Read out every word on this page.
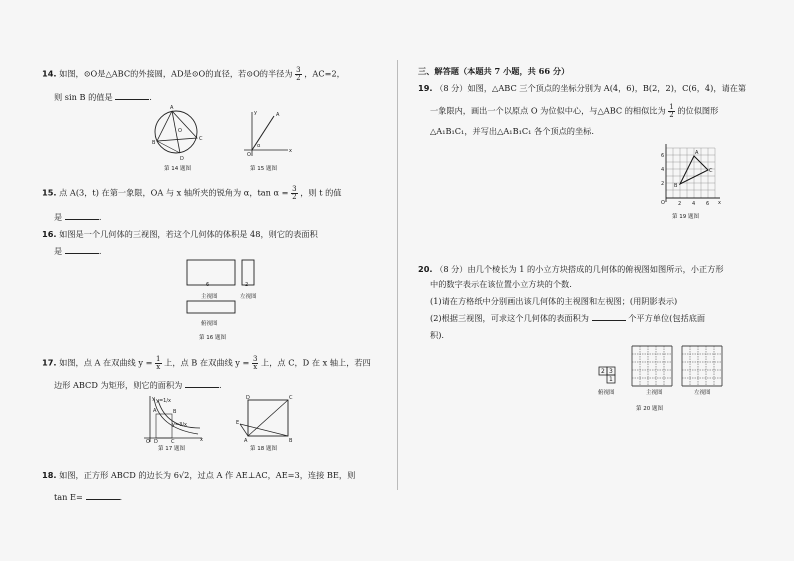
14. 如图，⊙O是△ABC的外接圆，AD是⊙O的直径，若⊙O的半径为 $\frac{3}{2}$ ，AC=2，
则 sin B 的值是	.
A
B
C
D
O
第 14 题图
A
O
x
y
α
第 15 题图
15. 点 A(3，t) 在第一象限，OA 与 x 轴所夹的锐角为 α，$\tan \alpha = \frac{3}{2}$ ，则 t 的值
是	.
16. 如图是一个几何体的三视图，若这个几何体的体积是 48，则它的表面积
是	.
6	2
主视图	左视图
俯视图
第 16 题图
17. 如图，点 A 在双曲线 $y = \frac{1}{x}$ 上，点 B 在双曲线 $y = \frac{3}{x}$ 上，点 C，D 在 x 轴上，若四
边形 ABCD 为矩形，则它的面积为	.
y
x
O
A	B
C
D
y=3/x
y=1/x
第 17 题图
D	C
A	B
E
第 18 题图
18. 如图，正方形 ABCD 的边长为 6√2，过点 A 作 AE⊥AC，AE=3，连接 BE，则
tan E=	.
三、解答题（本题共 7 小题，共 66 分）
19. （8 分）如图，△ABC 三个顶点的坐标分别为 A(4，6)，B(2，2)，C(6，4)，请在第
一象限内，画出一个以原点 O 为位似中心，与△ABC 的相似比为 $\frac{1}{2}$ 的位似图形
△A₁B₁C₁，并写出△A₁B₁C₁ 各个顶点的坐标.
A
B
C
O
4
6
2
2 4 6 x
第 19 题图
20. （8 分）由几个棱长为 1 的小立方块搭成的几何体的俯视图如图所示，小正方形
中的数字表示在该位置小立方块的个数.
(1)请在方格纸中分别画出该几何体的主视图和左视图；(用阴影表示)
(2)根据三视图，可求这个几何体的表面积为	个平方单位(包括底面
积).
2 3
1
俯视图	主视图	左视图
第 20 题图
